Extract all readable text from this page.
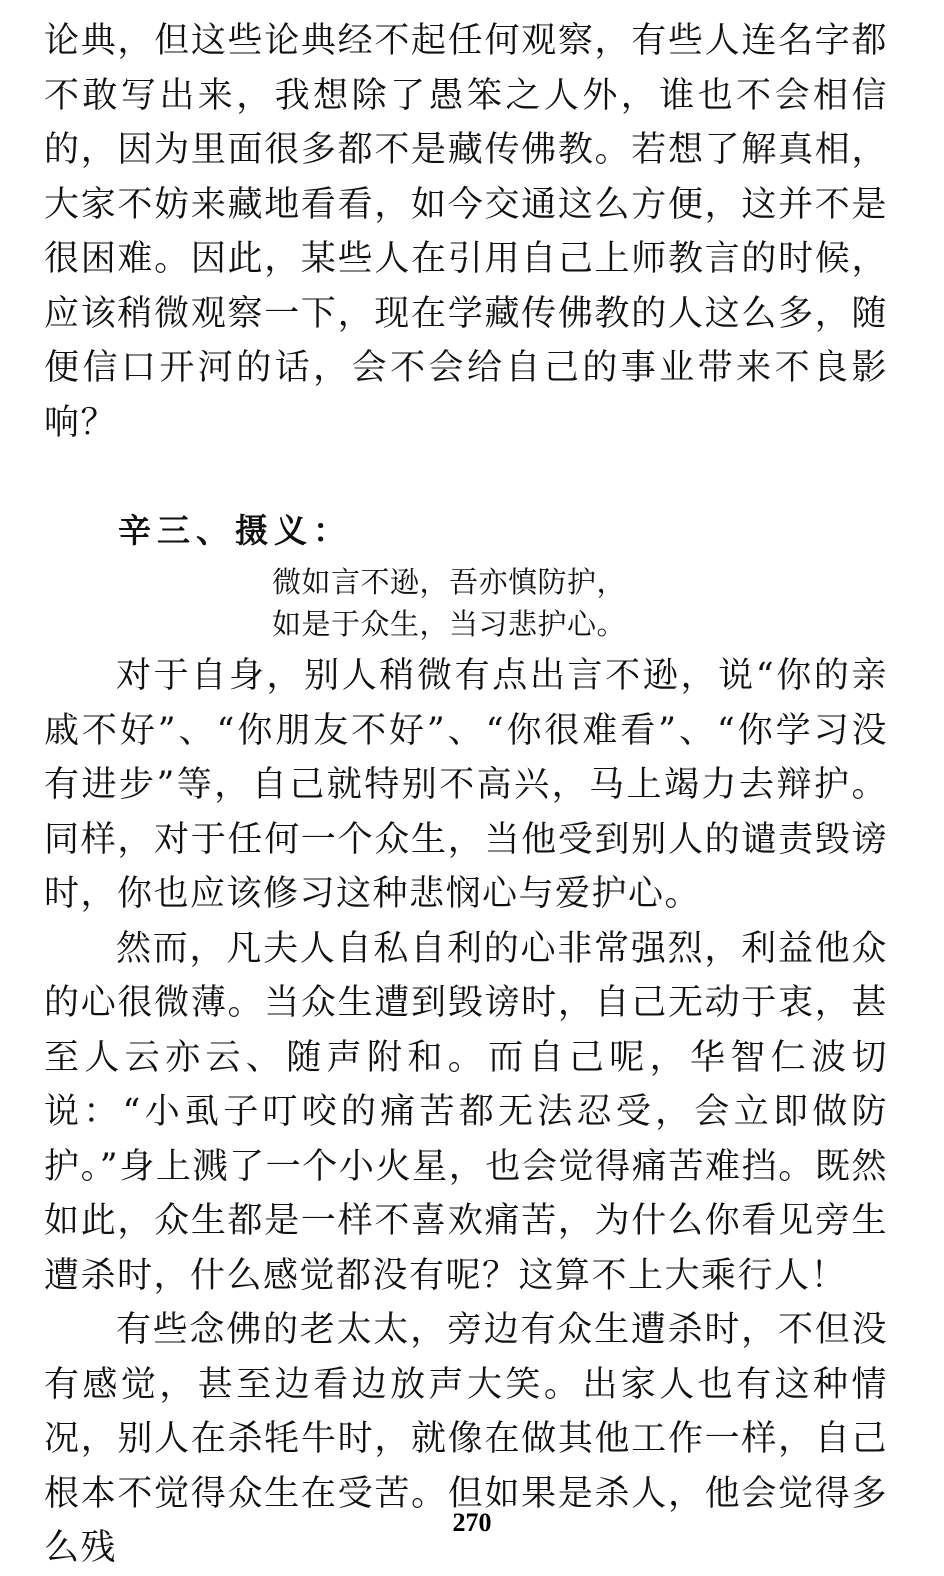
论典，但这些论典经不起任何观察，有些人连名字都不敢写出来，我想除了愚笨之人外，谁也不会相信的，因为里面很多都不是藏传佛教。若想了解真相，大家不妨来藏地看看，如今交通这么方便，这并不是很困难。因此，某些人在引用自己上师教言的时候，应该稍微观察一下，现在学藏传佛教的人这么多，随便信口开河的话，会不会给自己的事业带来不良影响？

辛三、摄义：

微如言不逊，吾亦慎防护，

如是于众生，当习悲护心。

对于自身，别人稍微有点出言不逊，说“你的亲戚不好”、“你朋友不好”、“你很难看”、“你学习没有进步”等，自己就特别不高兴，马上竭力去辩护。同样，对于任何一个众生，当他受到别人的谴责毁谤时，你也应该修习这种悲悯心与爱护心。

然而，凡夫人自私自利的心非常强烈，利益他众的心很微薄。当众生遭到毁谤时，自己无动于衷，甚至人云亦云、随声附和。而自己呢，华智仁波切说：“小虱子叮咬的痛苦都无法忍受，会立即做防护。”身上溅了一个小火星，也会觉得痛苦难挡。既然如此，众生都是一样不喜欢痛苦，为什么你看见旁生遭杀时，什么感觉都没有呢？这算不上大乘行人！

有些念佛的老太太，旁边有众生遭杀时，不但没有感觉，甚至边看边放声大笑。出家人也有这种情况，别人在杀牦牛时，就像在做其他工作一样，自己根本不觉得众生在受苦。但如果是杀人，他会觉得多么残

270
